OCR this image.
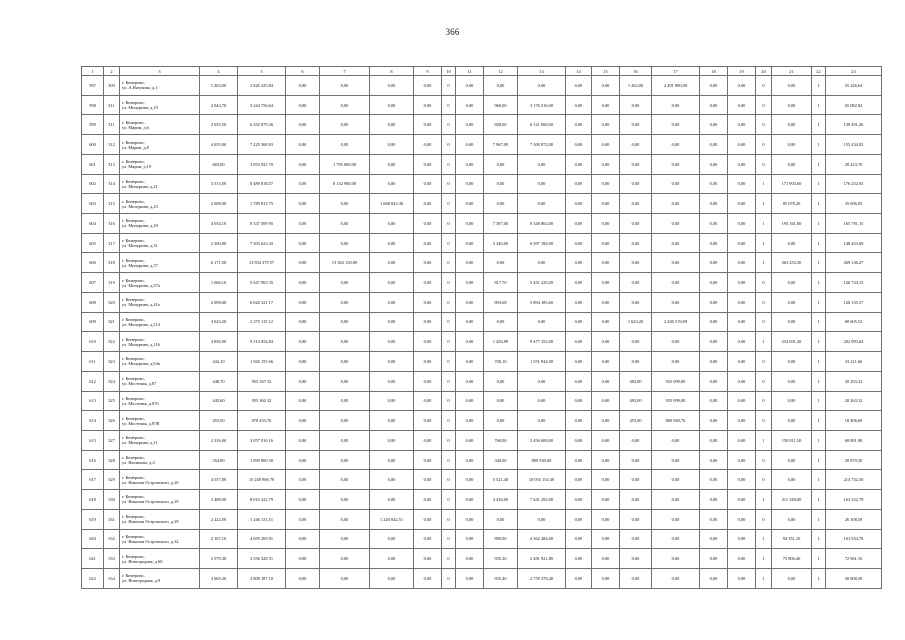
366
1	2	3	4	5	6	7	8	9	10	11	12	13	14	15	16	17	18	19	20	21	22	23
597	309	г. Кемерово,
ул. А.Назукова, д.1	1 263,00	2 845 225,84	0,00	0,00	0,00	0,00	0	0,00	0,00	0,00	0,00	0,00	1 263,00	2 491 890,00	0,00	0,00	0	0,00	1	55 226,64
598	311	г. Кемерово,
ул. Мичурина, д.19	2 043,70	3 244 756,64	0,00	0,00	0,00	0,00	0	0,00	960,00	3 176 516,00	0,00	0,00	0,00	0,00	0,00	0,00	0	0,00	1	65 082,84
599	311	г. Кемерово,
ул. Марии, д.6	2 655,50	6 252 079 26	0,00	0,00	0,00	0,00	0	0,00	828,00	6 121 068,60	0,00	0,00	0,00	0,00	0,00	0,00	0	0,00	1	130 491,26
600	312	г. Кемерово,
ул. Марии, д.8	4 655,00	7 225 568 83	0,00	0,00	0,00	0,00	0	0,00	7 967,09	7 309 872,00	0,00	0,00	0,00	0,00	0,00	0,00	0	0,00	1	155 434,83
601	313	г. Кемерово,
ул. Марии, д.19	683,00	3 853 923 70	0,00	1 795 690,00	0,00	0,00	0	0,00	0,00	0,00	0,00	0,00	0,00	0,00	0,00	0,00	0	0,00	1	28 423,70
602	314	г. Кемерово,
ул. Мичурина, д.21	3 513,50	8 489 818,57	0,00	8 132 980,00	0,00	0,00	0	0,00	0,00	0,00	0,00	0,00	0,00	0,00	0,00	0,00	1	171 903,60	1	176 252,93
603	315	г. Кемерово,
ул. Мичурина, д.23	2 008,00	1 789 813 75	0,00	0,00	1 668 043 40	0,00	0	0,00	0,00	0,00	0,00	0,00	0,00	0,00	0,00	0,00	1	85 078,20	1	35 696,05
604	316	г. Кемерово,
ул. Мичурина, д.29	4 054,10	8 337 509 95	0,00	0,00	0,00	0,00	0	0,00	7 387,00	8 348 862,00	0,00	0,00	0,00	0,00	0,00	0,00	1	195 161,80	1	165 781,15
605	317	г. Кемерово,
ул. Мичурина, д.31	2 300,00	7 503 623 43	0,00	0,00	0,00	0,00	0	0,00	5 340,00	6 597 184,90	0,00	0,00	0,00	0,00	0,00	0,00	1	0,00	1	148 453,69
606	318	г. Кемерово,
ул. Мичурина, д.37	6 171,50	13 934 379 57	0,00	13 302 150,00	0,00	0,00	0	0,00	0,00	0,00	0,00	0,00	0,00	0,00	0,00	0,00	1	363 253,50	1	269 136,27
607	319	г. Кемерово,
ул. Мичурина, д.37а	1 666,10	5 647 963 35	0,00	0,00	0,00	0,00	0	0,00	817,70	5 451 229,20	0,00	0,00	0,00	0,00	0,00	0,00	0	0,00	1	126 734,15
608	320	г. Кемерово,
ул. Мичурина, д.41а	2 098,00	6 020 321 17	0,00	0,00	0,00	0,00	0	0,00	893,68	5 894 185,60	0,00	0,00	0,00	0,00	0,00	0,00	0	0,00	1	126 135,57
609	321	г. Кемерово,
ул. Мичурина, д.114	3 623,20	2 275 115 12	0,00	0,00	0,00	0,00	0	0,00	0,00	0,00	0,00	0,00	1 623,20	2 206 519,69	0,00	0,00	0	0,00	1	68 605,52
610	322	г. Кемерово,
ул. Мичурина, д.116	4 836,90	9 514 054,84	0,00	0,00	0,00	0,00	0	0,00	1 456,89	9 477 152,00	0,00	0,00	0,00	0,00	0,00	0,00	1	254 091,20	1	202 993,64
611	323	г. Кемерово,
ул. Мичурина, д.63в	442,10	1 565 155 66	0,00	0,00	0,00	0,00	0	0,00	700,10	1 551 944 00	0,00	0,00	0,00	0,00	0,00	0,00	0	0,00	1	33 211,66
612	324	г. Кемерово,
ул. Мостовая, д.87	448,70	955 367 32	0,00	0,00	0,00	0,00	0	0,00	0,00	0,00	0,00	0,00	483,00	935 099,00	0,00	0,00	0	0,00	1	20 293,32
613	325	г. Кемерово,
ул. Мостовая, д.87б	445,60	955 362 32	0,00	0,00	0,00	0,00	0	0,00	0,00	0,00	0,00	0,00	483,00	935 099,00	0,00	0,00	0	0,00	1	20 263,32
614	326	г. Кемерово,
ул. Мостовая, д.87В	455,00	878 453,76	0,00	0,00	0,00	0,00	0	0,00	0,00	0,00	0,00	0,00	455,00	860 060,76	0,00	0,00	0	0,00	1	18 406,60
615	327	г. Кемерово,
ул. Мичурина, д.11	2 316,00	3 057 916 16	0,00	0,00	0,00	0,00	0	0,00	760,00	3 456 600,00	0,00	0,00	0,00	0,00	0,00	0,00	1	150 811,50	1	68 891,98
616	328	г. Кемерово,
ул. Нахимова, д.4	354,80	1 090 800 30	0,00	0,00	0,00	0,00	0	0,00	340,00	899 930,00	0,00	0,00	0,00	0,00	0,00	0,00	0	0,00	1	20 870,30
617	329	г. Кемерово,
ул. Николая Островского, д.26	4 557,00	10 249 906 70	0,00	0,00	0,00	0,00	0	0,00	5 521,40	10 035 154 40	0,00	0,00	0,00	0,00	0,00	0,00	0	0,00	1	214 752,30
618	330	г. Кемерово,
ул. Николая Островского, д.29	3 488,00	8 016 322,79	0,00	0,00	0,00	0,00	0	0,00	3 436,00	7 641 292,00	0,00	0,00	0,00	0,00	0,00	0,00	1	211 348,00	1	163 322,79
619	331	г. Кемерово,
ул. Николая Островского, д.29	2 222,50	1 246 131,51	0,00	0,00	1 220 042,51	0,00	0	0,00	0,00	0,00	0,00	0,00	0,00	0,00	0,00	0,00	0	0,00	1	26 108,59
620	332	г. Кемерово,
ул. Николая Островского, д.32	2 167,10	4 659 269 81	0,00	0,00	0,00	0,00	0	0,00	890,00	4 362 484,00	0,00	0,00	0,00	0,00	0,00	0,00	1	94 351,10	1	101 934,70
621	333	г. Кемерово,
ул. Новгородная, д.60	3 579,30	3 556 328 51	0,00	0,00	0,00	0,00	0	0,00	935,30	2 481 921,80	0,00	0,00	0,00	0,00	0,00	0,00	1	75 806,40	1	72 961,16
622	334	г. Кемерово,
ул. Новгородная, д.9	3 669,20	2 809 187 10	0,00	0,00	0,00	0,00	0	0,00	935,40	2 759 378,40	0,00	0,00	0,00	0,00	0,00	0,00	1	0,00	1	58 808,39
